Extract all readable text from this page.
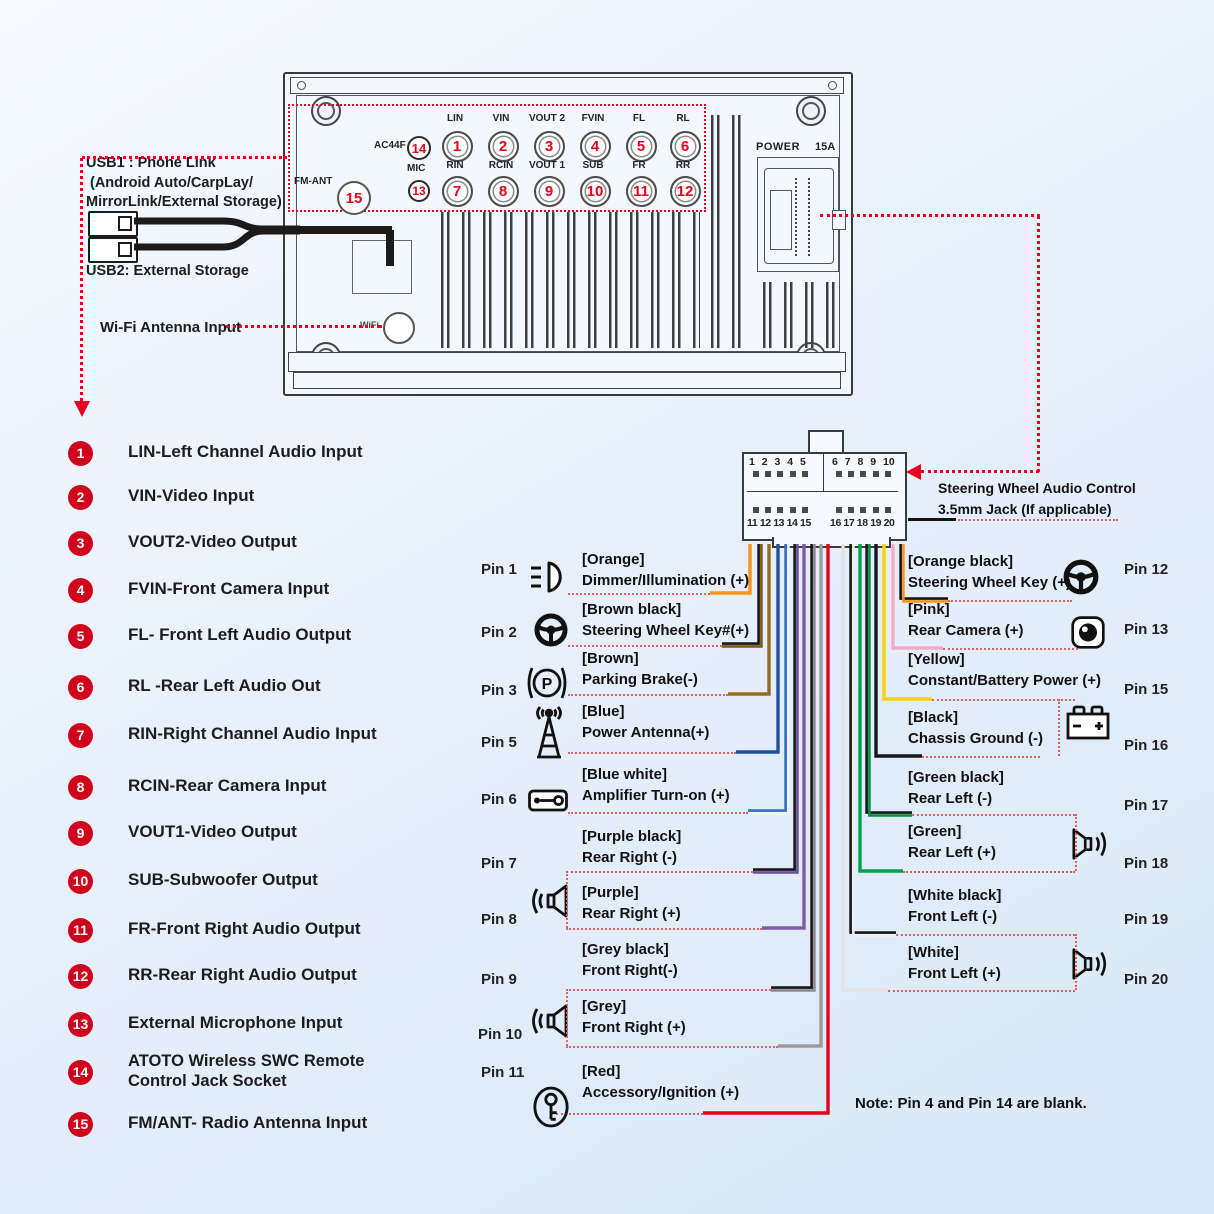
FM-ANT
15
AC44F 14
MIC
13
LIN
1
VIN
2
VOUT 2
3
FVIN
4
FL
5
RL
6
RIN
7
RCIN
8
VOUT 1
9
SUB
10
FR
11
RR
12
POWER 15A
WiFi
USB1 : Phone Link
(Android Auto/CarpLay/
MirrorLink/External Storage)
USB2: External Storage
Wi-Fi Antenna Input
1	LIN-Left Channel Audio Input
2	VIN-Video Input
3	VOUT2-Video Output
4	FVIN-Front Camera Input
5	FL- Front Left Audio Output
6	RL -Rear Left Audio Out
7	RIN-Right Channel Audio Input
8	RCIN-Rear Camera Input
9	VOUT1-Video Output
10 SUB-Subwoofer Output
11 FR-Front Right Audio Output
12 RR-Rear Right Audio Output
13 External Microphone Input
14
ATOTO Wireless SWC Remote
Control Jack Socket
15 FM/ANT- Radio Antenna Input
1 2 3 4 5 6 7 8 9 10
11 12 13 14 15 16 17 18 19 20
Steering Wheel Audio Control
3.5mm Jack (If applicable)
Pin 1
[Orange]
Dimmer/Illumination (+)
Pin 2
[Brown black]
Steering Wheel Key#(+)
Pin 3
[Brown]
Parking Brake(-)
P
Pin 5
[Blue]
Power Antenna(+)
Pin 6
[Blue white]
Amplifier Turn-on (+)
Pin 7
[Purple black]
Rear Right (-)
Pin 8
[Purple]
Rear Right (+)
Pin 9
[Grey black]
Front Right(-)
Pin 10
[Grey]
Front Right (+)
Pin 11	[Red]
Accessory/Ignition (+)
Pin 12
[Orange black]
Steering Wheel Key (+)
Pin 13
[Pink]
Rear Camera (+)
Pin 15
[Yellow]
Constant/Battery Power (+)
Pin 16
[Black]
Chassis Ground (-)
Pin 17
[Green black]
Rear Left (-)
Pin 18
[Green]
Rear Left (+)
Pin 19
[White black]
Front Left (-)
Pin 20
[White]
Front Left (+)
Note: Pin 4 and Pin 14 are blank.
